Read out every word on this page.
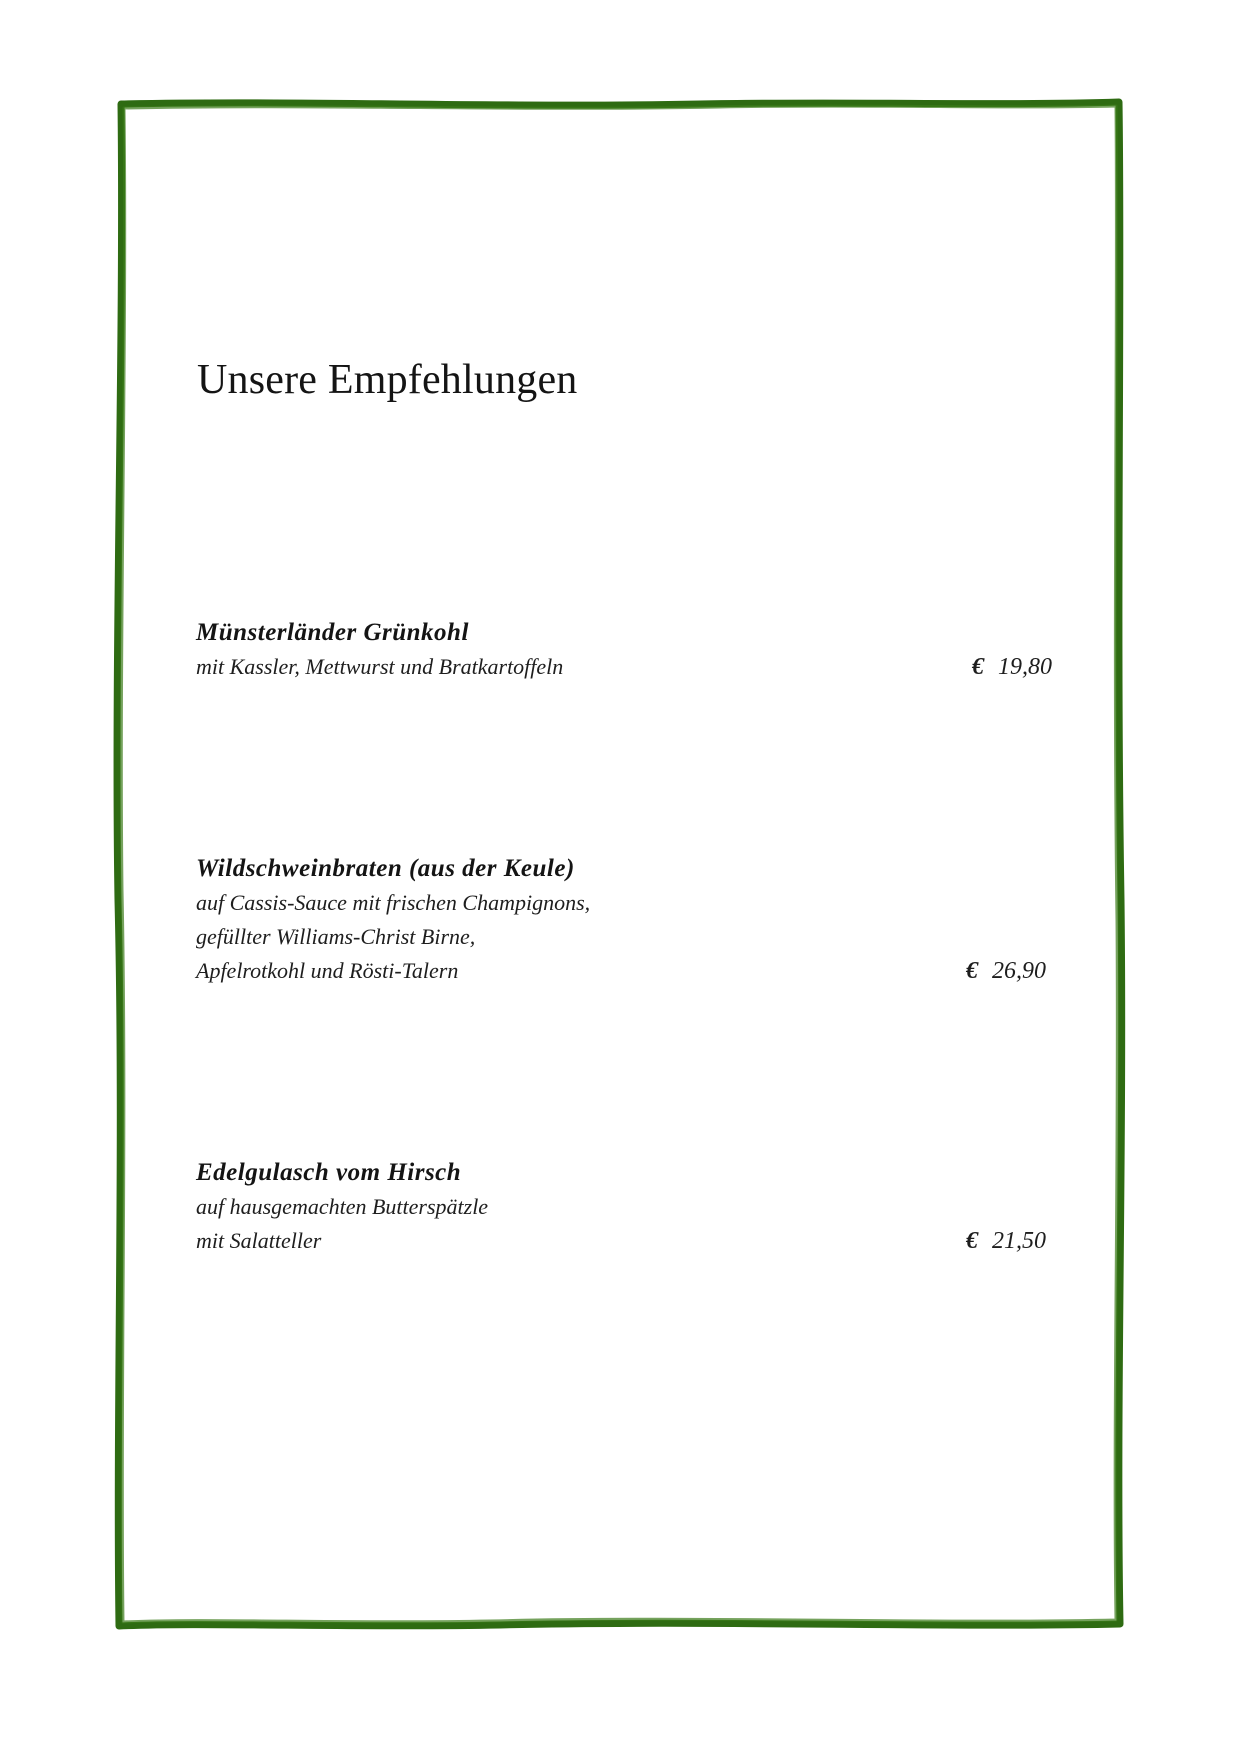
Unsere Empfehlungen

Münsterländer Grünkohl

mit Kassler, Mettwurst und Bratkartoffeln	€ 19,80

Wildschweinbraten (aus der Keule)

auf Cassis-Sauce mit frischen Champignons,

gefüllter Williams-Christ Birne,

Apfelrotkohl und Rösti-Talern	€ 26,90

Edelgulasch vom Hirsch

auf hausgemachten Butterspätzle

mit Salatteller	€ 21,50
